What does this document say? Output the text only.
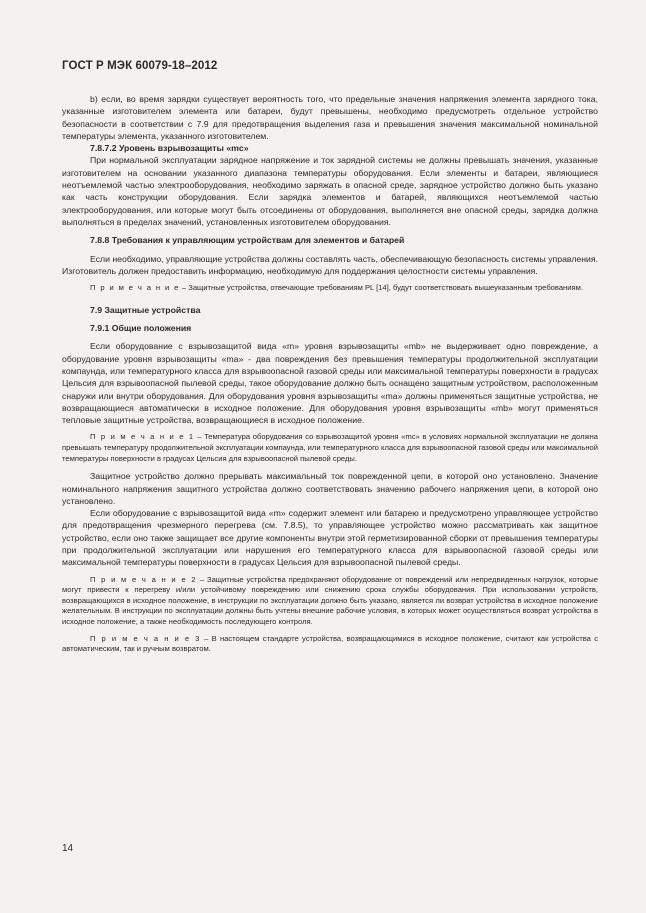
ГОСТ Р МЭК 60079-18–2012

b) если, во время зарядки существует вероятность того, что предельные значения напряжения элемента зарядного тока, указанные изготовителем элемента или батареи, будут превышены, необходимо предусмотреть отдельное устройство безопасности в соответствии с 7.9 для предотвращения выделения газа и превышения значения максимальной номинальной температуры элемента, указанного изготовителем.

7.8.7.2 Уровень взрывозащиты «mc»

При нормальной эксплуатации зарядное напряжение и ток зарядной системы не должны превышать значения, указанные изготовителем на основании указанного диапазона температуры оборудования. Если элементы и батареи, являющиеся неотъемлемой частью электрооборудования, необходимо заряжать в опасной среде, зарядное устройство должно быть указано как часть конструкции оборудования. Если зарядка элементов и батарей, являющихся неотъемлемой частью электрооборудования, или которые могут быть отсоединены от оборудования, выполняется вне опасной среды, зарядка должна выполняться в пределах значений, установленных изготовителем оборудования.

7.8.8 Требования к управляющим устройствам для элементов и батарей

Если необходимо, управляющие устройства должны составлять часть, обеспечивающую безопасность системы управления. Изготовитель должен предоставить информацию, необходимую для поддержания целостности системы управления.

П р и м е ч а н и е – Защитные устройства, отвечающие требованиям PL [14], будут соответствовать вышеуказанным требованиям.

7.9 Защитные устройства

7.9.1 Общие положения

Если оборудование с взрывозащитой вида «m» уровня взрывозащиты «mb» не выдерживает одно повреждение, а оборудование уровня взрывозащиты «ma» - два повреждения без превышения температуры продолжительной эксплуатации компаунда, или температурного класса для взрывоопасной газовой среды или максимальной температуры поверхности в градусах Цельсия для взрывоопасной пылевой среды, такое оборудование должно быть оснащено защитным устройством, расположенным снаружи или внутри оборудования. Для оборудования уровня взрывозащиты «ma» должны применяться защитные устройства, не возвращающиеся автоматически в исходное положение. Для оборудования уровня взрывозащиты «mb» могут применяться тепловые защитные устройства, возвращающиеся в исходное положение.

П р и м е ч а н и е 1 – Температура оборудования со взрывозащитой уровня «mc» в условиях нормальной эксплуатации не должна превышать температуру продолжительной эксплуатации компаунда, или температурного класса для взрывоопасной газовой среды или максимальной температуры поверхности в градусах Цельсия для взрывоопасной пылевой среды.

Защитное устройство должно прерывать максимальный ток поврежденной цепи, в которой оно установлено. Значение номинального напряжения защитного устройства должно соответствовать значению рабочего напряжения цепи, в которой оно установлено.

Если оборудование с взрывозащитой вида «m» содержит элемент или батарею и предусмотрено управляющее устройство для предотвращения чрезмерного перегрева (см. 7.8.5), то управляющее устройство можно рассматривать как защитное устройство, если оно также защищает все другие компоненты внутри этой герметизированной сборки от превышения температуры при продолжительной эксплуатации или нарушения его температурного класса для взрывоопасной газовой среды или максимальной температуры поверхности в градусах Цельсия для взрывоопасной пылевой среды.

П р и м е ч а н и е 2 – Защитные устройства предохраняют оборудование от повреждений или непредвиденных нагрузок, которые могут привести к перегреву и/или устойчивому повреждению или снижению срока службы оборудования. При использовании устройств, возвращающихся в исходное положение, в инструкции по эксплуатации должно быть указано, является ли возврат устройства в исходное положение желательным. В инструкции по эксплуатации должны быть учтены внешние рабочие условия, в которых может осуществляться возврат устройства в исходное положение, а также необходимость последующего контроля.

П р и м е ч а н и е 3 – В настоящем стандарте устройства, возвращающимися в исходное положение, считают как устройства с автоматическим, так и ручным возвратом.

14
